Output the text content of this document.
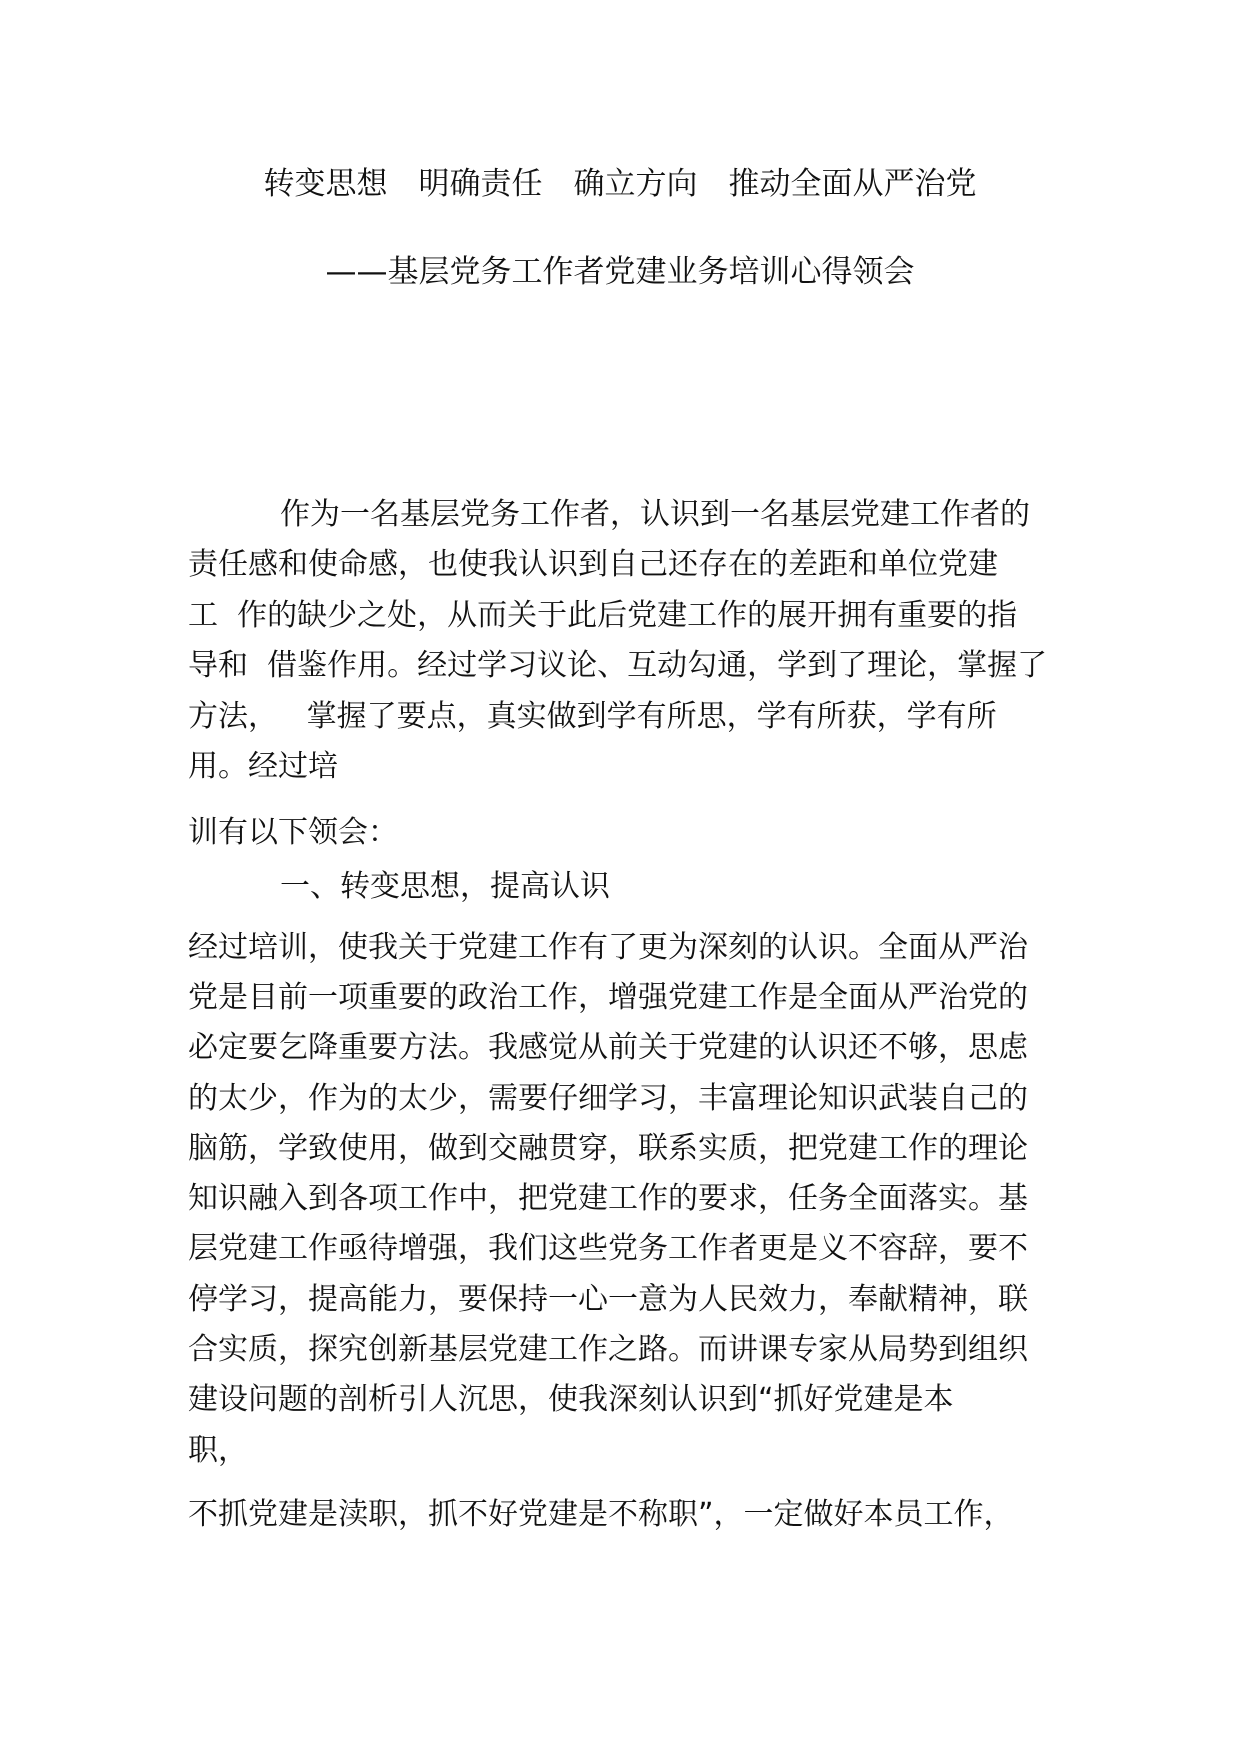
转变思想　明确责任　确立方向　推动全面从严治党
——基层党务工作者党建业务培训心得领会
作为一名基层党务工作者，认识到一名基层党建工作者的
责任感和使命感，也使我认识到自己还存在的差距和单位党建
工  作的缺少之处，从而关于此后党建工作的展开拥有重要的指
导和  借鉴作用。经过学习议论、互动勾通，学到了理论，掌握了
方法，   掌握了要点，真实做到学有所思，学有所获，学有所
用。经过培
训有以下领会：
一、转变思想，提高认识
经过培训，使我关于党建工作有了更为深刻的认识。全面从严治
党是目前一项重要的政治工作，增强党建工作是全面从严治党的
必定要乞降重要方法。我感觉从前关于党建的认识还不够，思虑
的太少，作为的太少，需要仔细学习，丰富理论知识武装自己的
脑筋，学致使用，做到交融贯穿，联系实质，把党建工作的理论
知识融入到各项工作中，把党建工作的要求，任务全面落实。基
层党建工作亟待增强，我们这些党务工作者更是义不容辞，要不
停学习，提高能力，要保持一心一意为人民效力，奉献精神，联
合实质，探究创新基层党建工作之路。而讲课专家从局势到组织
建设问题的剖析引人沉思，使我深刻认识到“抓好党建是本
职，
不抓党建是渎职，抓不好党建是不称职”，一定做好本员工作，
